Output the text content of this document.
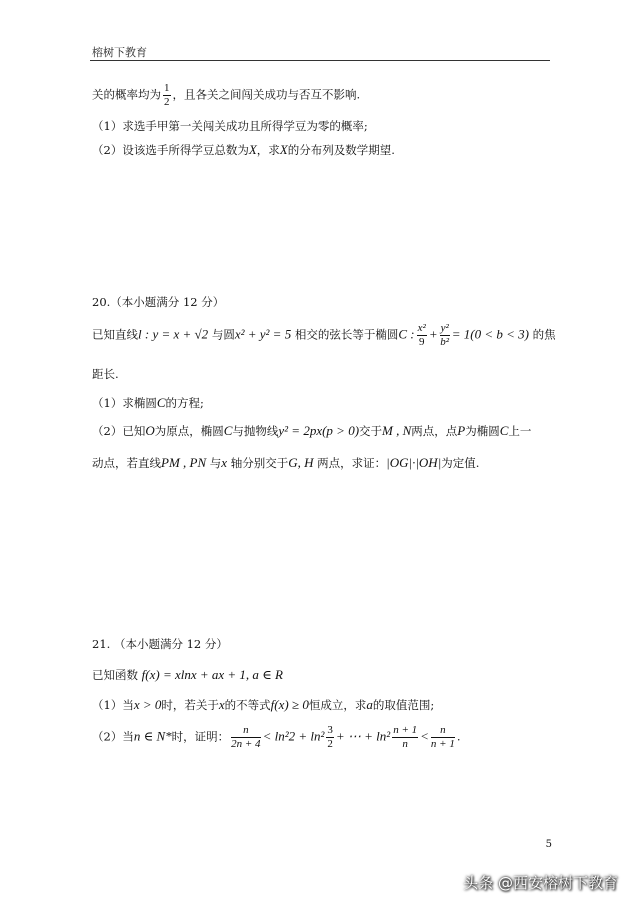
榕树下教育
关的概率均为 $\frac{1}{2}$ ，且各关之间闯关成功与否互不影响.
（1）求选手甲第一关闯关成功且所得学豆为零的概率;
（2）设该选手所得学豆总数为X，求X的分布列及数学期望.
20.（本小题满分 12 分）
已知直线l : y = x + √2 与圆x² + y² = 5 相交的弦长等于椭圆C : $\frac{\text{x²}}{9} + \frac{\text{y²}}{\text{b²}} = 1(0 < b < 3)$ 的焦
距长.
（1）求椭圆C的方程;
（2）已知O为原点，椭圆C与抛物线y² = 2px(p > 0)交于M , N两点，点P为椭圆C上一
动点，若直线PM , PN 与x 轴分别交于G, H 两点，求证：|OG|·|OH|为定值.
21. （本小题满分 12 分）
已知函数 f(x) = xlnx + ax + 1, a ∈ R
（1）当x > 0时，若关于x的不等式f(x) ≥ 0恒成立，求a的取值范围;
（2）当n ∈ N*时，证明： $\frac{n}{2n + 4} < \ln^22 + \ln^2 \frac{3}{2}$ + ⋯ + $\ln^2 \frac{n + 1}{n} < \frac{n}{n + 1}$ .
5
头条 @西安榕树下教育
